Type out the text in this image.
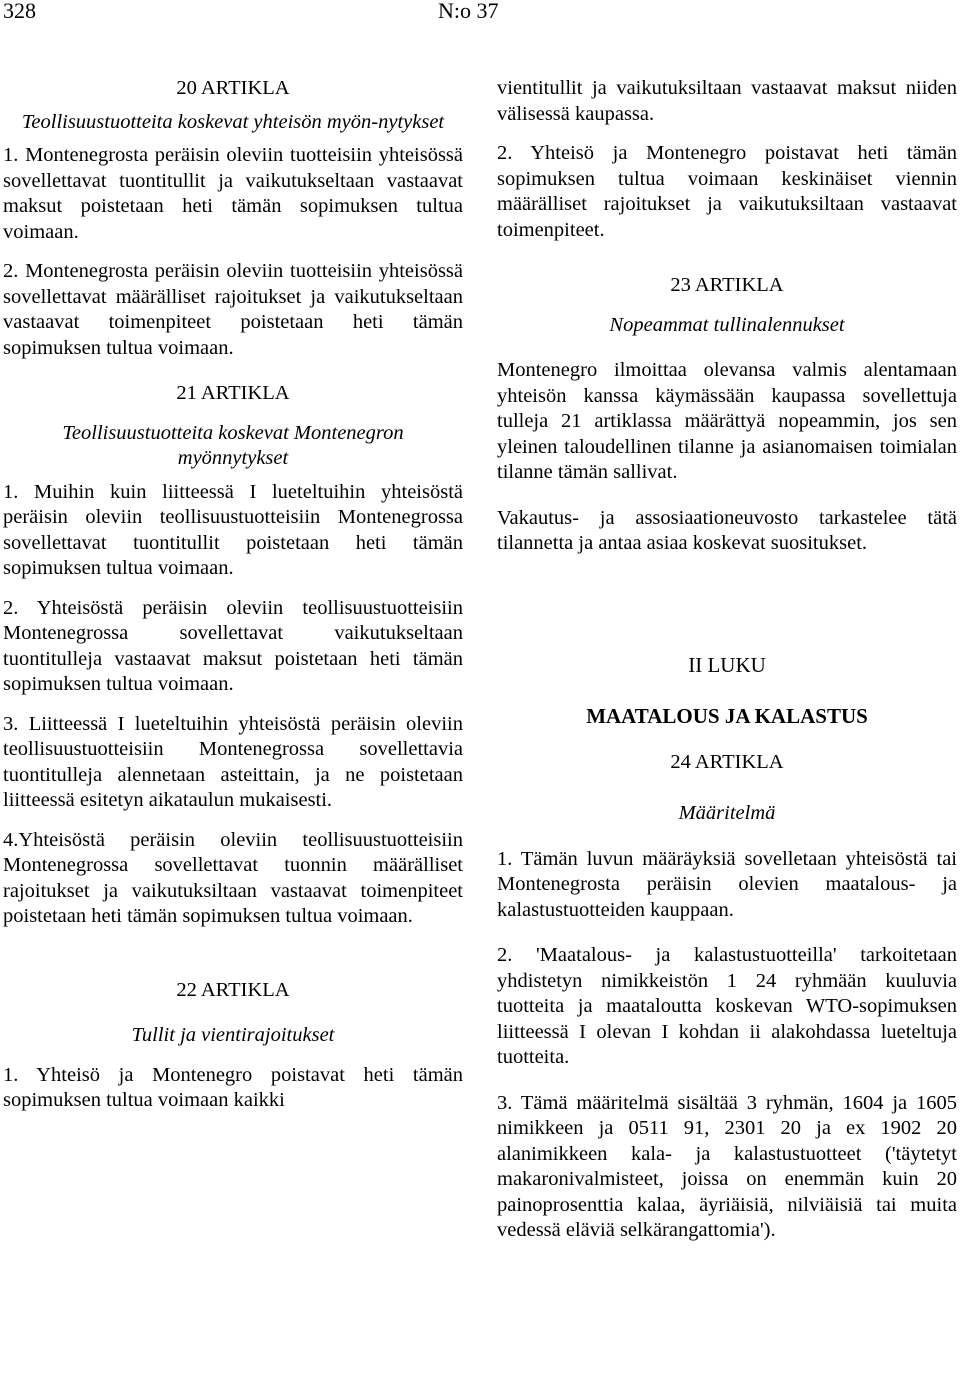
328	N:o 37
20 ARTIKLA
Teollisuustuotteita koskevat yhteisön myön-nytykset

1. Montenegrosta peräisin oleviin tuotteisiin yhteisössä sovellettavat tuontitullit ja vaikutukseltaan vastaavat maksut poistetaan heti tämän sopimuksen tultua voimaan.

2. Montenegrosta peräisin oleviin tuotteisiin yhteisössä sovellettavat määrälliset rajoitukset ja vaikutukseltaan vastaavat toimenpiteet poistetaan heti tämän sopimuksen tultua voimaan.

21 ARTIKLA
Teollisuustuotteita koskevat Montenegron myönnytykset

1. Muihin kuin liitteessä I lueteltuihin yhteisöstä peräisin oleviin teollisuustuotteisiin Montenegrossa sovellettavat tuontitullit poistetaan heti tämän sopimuksen tultua voimaan.

2. Yhteisöstä peräisin oleviin teollisuustuotteisiin Montenegrossa sovellettavat vaikutukseltaan tuontitulleja vastaavat maksut poistetaan heti tämän sopimuksen tultua voimaan.

3. Liitteessä I lueteltuihin yhteisöstä peräisin oleviin teollisuustuotteisiin Montenegrossa sovellettavia tuontitulleja alennetaan asteittain, ja ne poistetaan liitteessä esitetyn aikataulun mukaisesti.

4.Yhteisöstä peräisin oleviin teollisuustuotteisiin Montenegrossa sovellettavat tuonnin määrälliset rajoitukset ja vaikutuksiltaan vastaavat toimenpiteet poistetaan heti tämän sopimuksen tultua voimaan.

22 ARTIKLA
Tullit ja vientirajoitukset

1. Yhteisö ja Montenegro poistavat heti tämän sopimuksen tultua voimaan kaikki

vientitullit ja vaikutuksiltaan vastaavat maksut niiden välisessä kaupassa.

2. Yhteisö ja Montenegro poistavat heti tämän sopimuksen tultua voimaan keskinäiset viennin määrälliset rajoitukset ja vaikutuksiltaan vastaavat toimenpiteet.

23 ARTIKLA
Nopeammat tullinalennukset

Montenegro ilmoittaa olevansa valmis alentamaan yhteisön kanssa käymässään kaupassa sovellettuja tulleja 21 artiklassa määrättyä nopeammin, jos sen yleinen taloudellinen tilanne ja asianomaisen toimialan tilanne tämän sallivat.

Vakautus- ja assosiaationeuvosto tarkastelee tätä tilannetta ja antaa asiaa koskevat suositukset.

II LUKU
MAATALOUS JA KALASTUS
24 ARTIKLA
Määritelmä

1. Tämän luvun määräyksiä sovelletaan yhteisöstä tai Montenegrosta peräisin olevien maatalous- ja kalastustuotteiden kauppaan.

2. 'Maatalous- ja kalastustuotteilla' tarkoitetaan yhdistetyn nimikkeistön 1 24 ryhmään kuuluvia tuotteita ja maataloutta koskevan WTO-sopimuksen liitteessä I olevan I kohdan ii alakohdassa lueteltuja tuotteita.

3. Tämä määritelmä sisältää 3 ryhmän, 1604 ja 1605 nimikkeen ja 0511 91, 2301 20 ja ex 1902 20 alanimikkeen kala- ja kalastustuotteet ('täytetyt makaronivalmisteet, joissa on enemmän kuin 20 painoprosenttia kalaa, äyriäisiä, nilviäisiä tai muita vedessä eläviä selkärangattomia').
